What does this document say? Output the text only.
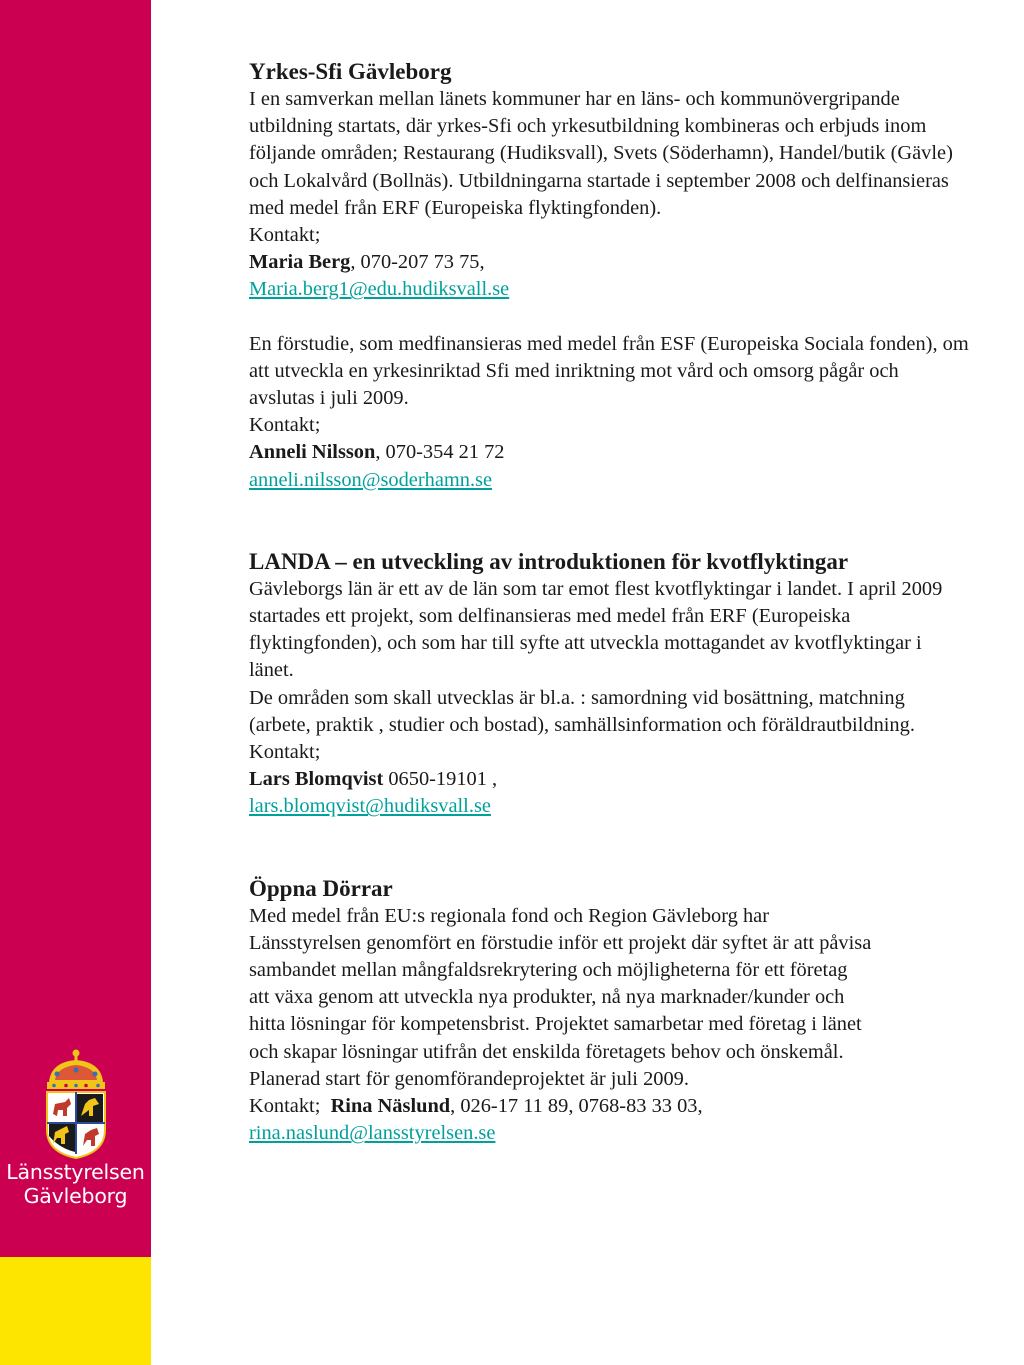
Länsstyrelsen
Gävleborg
Yrkes-Sfi Gävleborg

I en samverkan mellan länets kommuner har en läns- och kommunövergripande utbildning startats, där yrkes-Sfi och yrkesutbildning kombineras och erbjuds inom följande områden; Restaurang (Hudiksvall), Svets (Söderhamn), Handel/butik (Gävle) och Lokalvård (Bollnäs). Utbildningarna startade i september 2008 och delfinansieras med medel från ERF (Europeiska flyktingfonden).

Kontakt;
Maria Berg, 070-207 73 75,
Maria.berg1@edu.hudiksvall.se

En förstudie, som medfinansieras med medel från ESF (Europeiska Sociala fonden), om att utveckla en yrkesinriktad Sfi med inriktning mot vård och omsorg pågår och avslutas i juli 2009.

Kontakt;
Anneli Nilsson, 070-354 21 72
anneli.nilsson@soderhamn.se
LANDA – en utveckling av introduktionen för kvotflyktingar

Gävleborgs län är ett av de län som tar emot flest kvotflyktingar i landet. I april 2009 startades ett projekt, som delfinansieras med medel från ERF (Europeiska flyktingfonden), och som har till syfte att utveckla mottagandet av kvotflyktingar i länet.

De områden som skall utvecklas är bl.a. : samordning vid bosättning, matchning (arbete, praktik , studier och bostad), samhällsinformation och föräldrautbildning.

Kontakt;
Lars Blomqvist 0650-19101 ,
lars.blomqvist@hudiksvall.se
Öppna Dörrar
Med medel från EU:s regionala fond och Region Gävleborg har
Länsstyrelsen genomfört en förstudie inför ett projekt där syftet är att påvisa
sambandet mellan mångfaldsrekrytering och möjligheterna för ett företag
att växa genom att utveckla nya produkter, nå nya marknader/kunder och
hitta lösningar för kompetensbrist. Projektet samarbetar med företag i länet
och skapar lösningar utifrån det enskilda företagets behov och önskemål.
Planerad start för genomförandeprojektet är juli 2009.
Kontakt;  Rina Näslund, 026-17 11 89, 0768-83 33 03,
rina.naslund@lansstyrelsen.se
